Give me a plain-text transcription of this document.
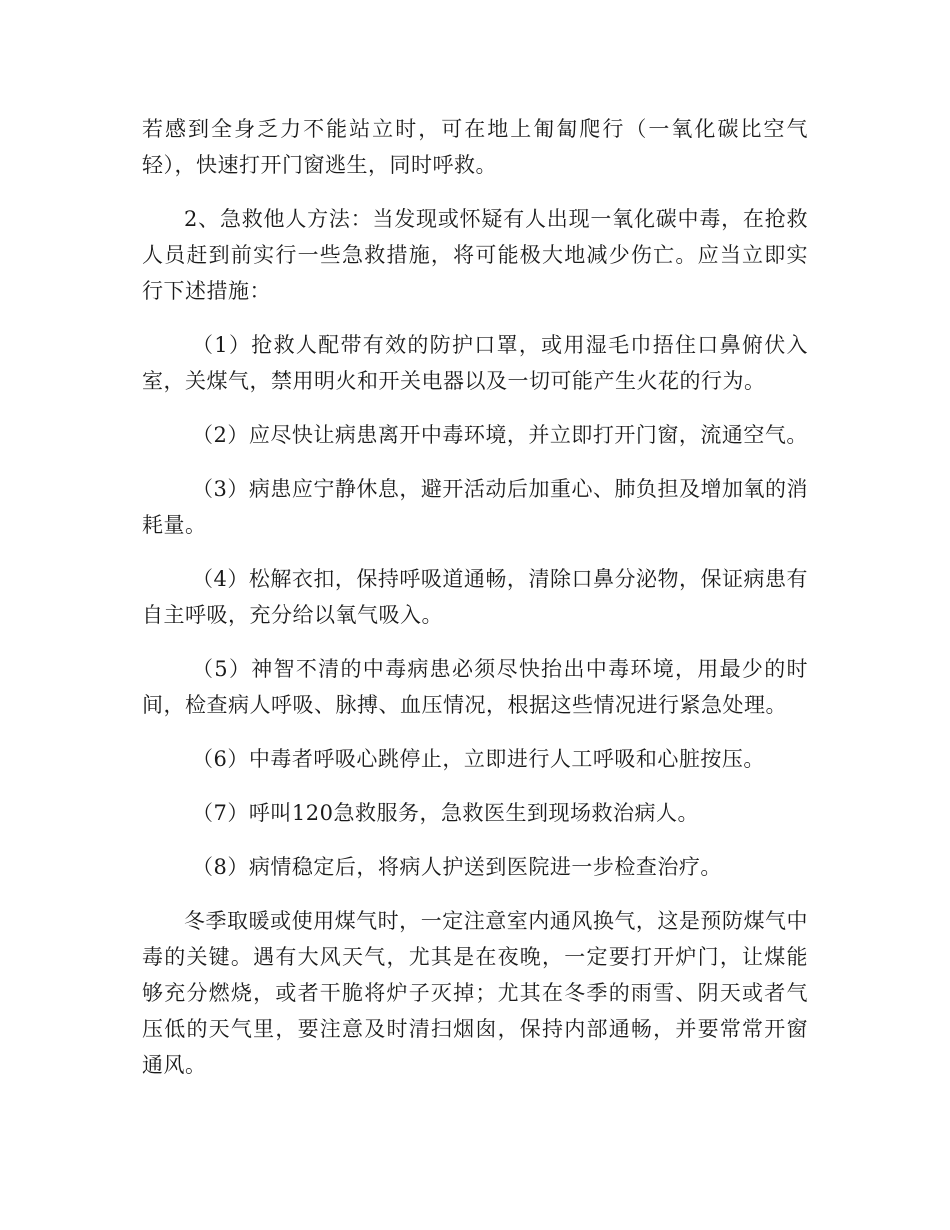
若感到全身乏力不能站立时，可在地上匍匐爬行（一氧化碳比空气轻），快速打开门窗逃生，同时呼救。

2、急救他人方法：当发现或怀疑有人出现一氧化碳中毒，在抢救人员赶到前实行一些急救措施，将可能极大地减少伤亡。应当立即实行下述措施：

（1）抢救人配带有效的防护口罩，或用湿毛巾捂住口鼻俯伏入室，关煤气，禁用明火和开关电器以及一切可能产生火花的行为。

（2）应尽快让病患离开中毒环境，并立即打开门窗，流通空气。

（3）病患应宁静休息，避开活动后加重心、肺负担及增加氧的消耗量。

（4）松解衣扣，保持呼吸道通畅，清除口鼻分泌物，保证病患有自主呼吸，充分给以氧气吸入。

（5）神智不清的中毒病患必须尽快抬出中毒环境，用最少的时间，检查病人呼吸、脉搏、血压情况，根据这些情况进行紧急处理。

（6）中毒者呼吸心跳停止，立即进行人工呼吸和心脏按压。

（7）呼叫120急救服务，急救医生到现场救治病人。

（8）病情稳定后，将病人护送到医院进一步检查治疗。

冬季取暖或使用煤气时，一定注意室内通风换气，这是预防煤气中毒的关键。遇有大风天气，尤其是在夜晚，一定要打开炉门，让煤能够充分燃烧，或者干脆将炉子灭掉；尤其在冬季的雨雪、阴天或者气压低的天气里，要注意及时清扫烟囱，保持内部通畅，并要常常开窗通风。
